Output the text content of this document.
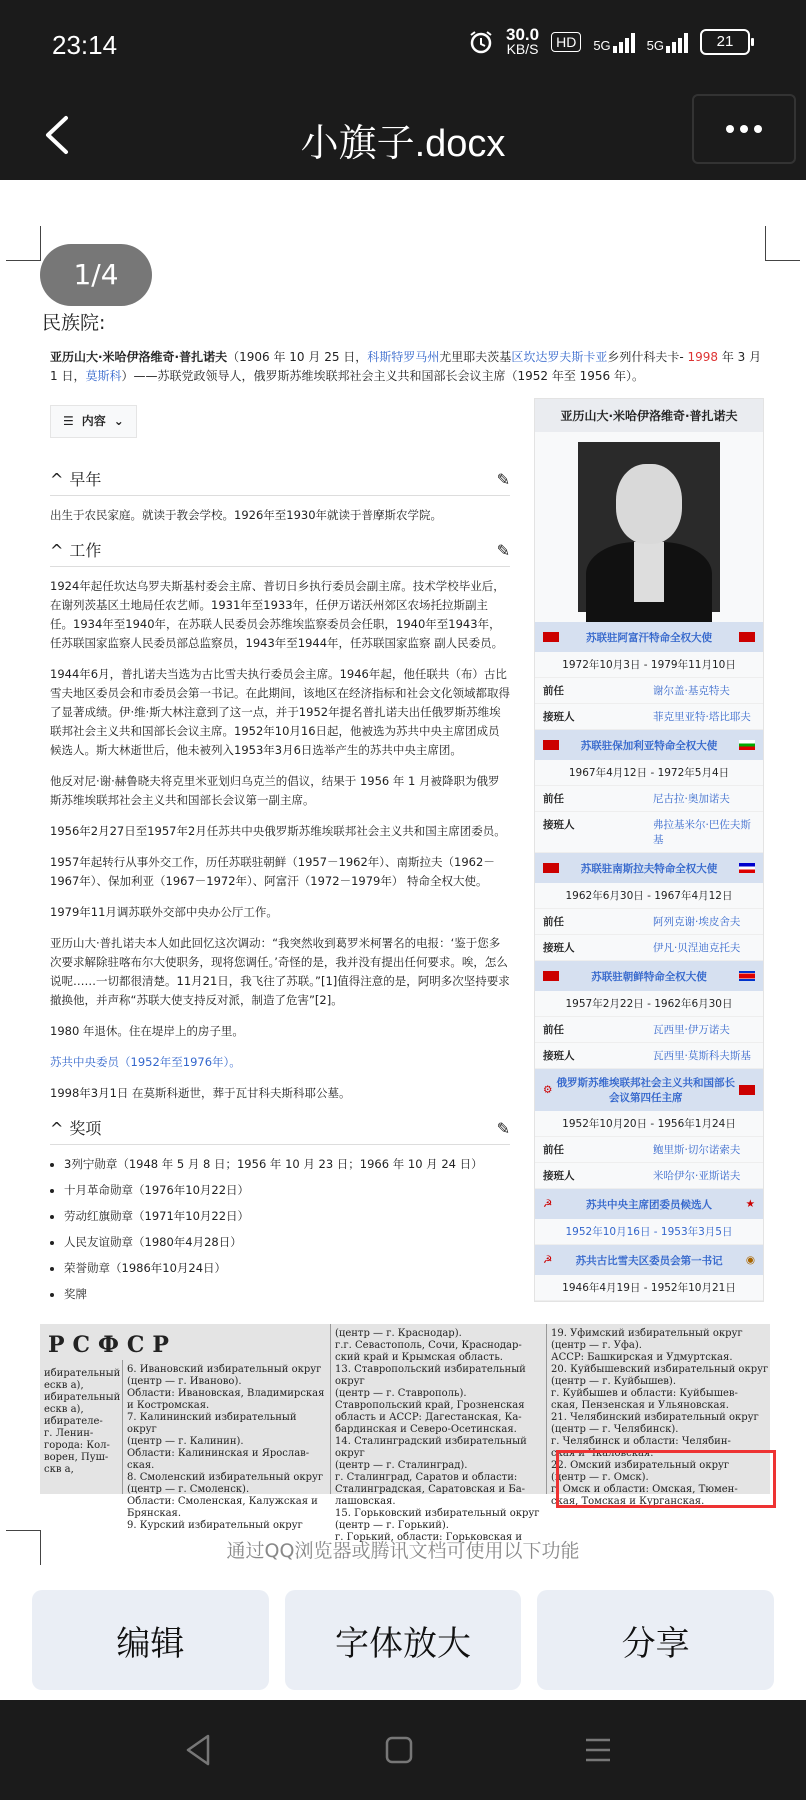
23:14	30.0
KB/S	HD	5G	5G	21
小旗子.docx
1/4
民族院:

亚历山大·米哈伊洛维奇·普扎诺夫（1906 年 10 月 25 日，科斯特罗马州尤里耶夫茨基区坎达罗夫斯卡亚乡列什科夫卡- 1998 年 3 月 1 日，莫斯科）——苏联党政领导人，俄罗斯苏维埃联邦社会主义共和国部长会议主席（1952 年至 1956 年）。

☰ 内容 ⌄
^ 早年	✎

出生于农民家庭。就读于教会学校。1926年至1930年就读于普摩斯农学院。

^ 工作	✎

1924年起任坎达乌罗夫斯基村委会主席、普切日乡执行委员会副主席。技术学校毕业后，在谢列茨基区土地局任农艺师。1931年至1933年，任伊万诺沃州郊区农场托拉斯副主任。1934年至1940年，在苏联人民委员会苏维埃监察委员会任职，1940年至1943年，任苏联国家监察人民委员部总监察员，1943年至1944年，任苏联国家监察 副人民委员。

1944年6月，普扎诺夫当选为古比雪夫执行委员会主席。1946年起，他任联共（布）古比雪夫地区委员会和市委员会第一书记。在此期间，该地区在经济指标和社会文化领域都取得了显著成绩。伊·维·斯大林注意到了这一点，并于1952年提名普扎诺夫出任俄罗斯苏维埃联邦社会主义共和国部长会议主席。1952年10月16日起，他被选为苏共中央主席团成员候选人。斯大林逝世后，他未被列入1953年3月6日选举产生的苏共中央主席团。

他反对尼·谢·赫鲁晓夫将克里米亚划归乌克兰的倡议，结果于 1956 年 1 月被降职为俄罗斯苏维埃联邦社会主义共和国部长会议第一副主席。

1956年2月27日至1957年2月任苏共中央俄罗斯苏维埃联邦社会主义共和国主席团委员。

1957年起转行从事外交工作，历任苏联驻朝鲜（1957－1962年）、南斯拉夫（1962－1967年）、保加利亚（1967－1972年）、阿富汗（1972－1979年） 特命全权大使。

1979年11月调苏联外交部中央办公厅工作。

亚历山大·普扎诺夫本人如此回忆这次调动：“我突然收到葛罗米柯署名的电报：‘鉴于您多次要求解除驻喀布尔大使职务，现将您调任。’奇怪的是，我并没有提出任何要求。唉，怎么说呢……一切都很清楚。11月21日，我飞往了苏联。”[1]值得注意的是，阿明多次坚持要求撤换他，并声称“苏联大使支持反对派，制造了危害”[2]。

1980 年退休。住在堤岸上的房子里。

苏共中央委员（1952年至1976年）。

1998年3月1日 在莫斯科逝世，葬于瓦甘科夫斯科耶公墓。

^ 奖项	✎
• 3列宁勋章（1948 年 5 月 8 日；1956 年 10 月 23 日；1966 年 10 月 24 日）
• 十月革命勋章（1976年10月22日）
• 劳动红旗勋章（1971年10月22日）
• 人民友谊勋章（1980年4月28日）
• 荣誉勋章（1986年10月24日）
• 奖牌
亚历山大·米哈伊洛维奇·普扎诺夫
苏联驻阿富汗特命全权大使
1972年10月3日 - 1979年11月10日
前任	谢尔盖·基克特夫
接班人	菲克里亚特·塔比耶夫
苏联驻保加利亚特命全权大使
1967年4月12日 - 1972年5月4日
前任	尼古拉·奥加诺夫
接班人	弗拉基米尔·巴佐夫斯基
苏联驻南斯拉夫特命全权大使
1962年6月30日 - 1967年4月12日
前任	阿列克谢·埃皮舍夫
接班人	伊凡·贝涅迪克托夫
苏联驻朝鲜特命全权大使
1957年2月22日 - 1962年6月30日
前任	瓦西里·伊万诺夫
接班人	瓦西里·莫斯科夫斯基
⚙
俄罗斯苏维埃联邦社会主义共和国部长会议第四任主席
1952年10月20日 - 1956年1月24日
前任	鲍里斯·切尔诺索夫
接班人	米哈伊尔·亚斯诺夫
☭	苏共中央主席团委员候选人	★
1952年10月16日 - 1953年3月5日
☭	苏共古比雪夫区委员会第一书记	◉
1946年4月19日 - 1952年10月21日
РСФСР
ибирательный
ескв а),
ибирательный
ескв а),
ибирателе-
г. Ленин-
города: Кол-
ворен, Пуш-
скв а,
6. Ивановский избирательный округ
(центр — г. Иваново).
Области: Ивановская, Владимирская
и Костромская.
7. Калининский избирательный округ
(центр — г. Калинин).
Области: Калининская и Ярослав-
ская.
8. Смоленский избирательный округ
(центр — г. Смоленск).
Области: Смоленская, Калужская и
Брянская.
9. Курский избирательный округ
(центр — г. Краснодар).
г.г. Севастополь, Сочи, Краснодар-
ский край и Крымская область.
13. Ставропольский избирательный округ
(центр — г. Ставрополь).
Ставропольский край, Грозненская
область и АССР: Дагестанская, Ка-
бардинская и Северо-Осетинская.
14. Сталинградский избирательный округ
(центр — г. Сталинград).
г. Сталинград, Саратов и области:
Сталинградская, Саратовская и Ба-
лашовская.
15. Горьковский избирательный округ
(центр — г. Горький).
г. Горький, области: Горьковская и
19. Уфимский избирательный округ
(центр — г. Уфа).
АССР: Башкирская и Удмуртская.
20. Куйбышевский избирательный округ
(центр — г. Куйбышев).
г. Куйбышев и области: Куйбышев-
ская, Пензенская и Ульяновская.
21. Челябинский избирательный округ
(центр — г. Челябинск).
г. Челябинск и области: Челябин-
ская и Чкаловская.
22. Омский избирательный округ
(центр — г. Омск).
г. Омск и области: Омская, Тюмен-
ская, Томская и Курганская.
通过QQ浏览器或腾讯文档可使用以下功能
编辑	字体放大	分享
